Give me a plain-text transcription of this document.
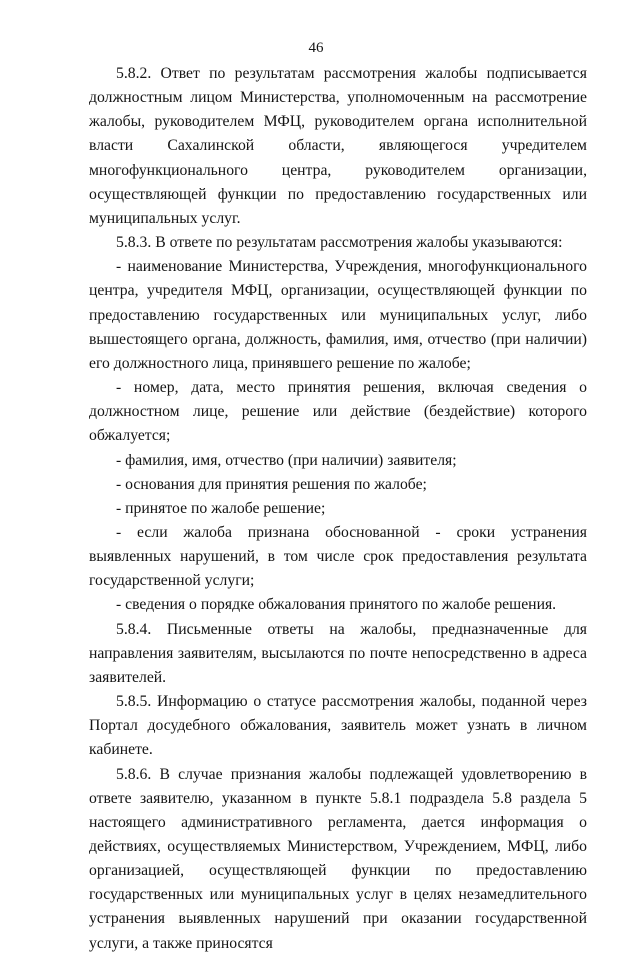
46

5.8.2. Ответ по результатам рассмотрения жалобы подписывается должностным лицом Министерства, уполномоченным на рассмотрение жалобы, руководителем МФЦ, руководителем органа исполнительной власти Сахалинской области, являющегося учредителем многофункционального центра, руководителем организации, осуществляющей функции по предоставлению государственных или муниципальных услуг.

5.8.3. В ответе по результатам рассмотрения жалобы указываются:

- наименование Министерства, Учреждения, многофункционального центра, учредителя МФЦ, организации, осуществляющей функции по предоставлению государственных или муниципальных услуг, либо вышестоящего органа, должность, фамилия, имя, отчество (при наличии) его должностного лица, принявшего решение по жалобе;

- номер, дата, место принятия решения, включая сведения о должностном лице, решение или действие (бездействие) которого обжалуется;

- фамилия, имя, отчество (при наличии) заявителя;

- основания для принятия решения по жалобе;

- принятое по жалобе решение;

- если жалоба признана обоснованной - сроки устранения выявленных нарушений, в том числе срок предоставления результата государственной услуги;

- сведения о порядке обжалования принятого по жалобе решения.

5.8.4. Письменные ответы на жалобы, предназначенные для направления заявителям, высылаются по почте непосредственно в адреса заявителей.

5.8.5. Информацию о статусе рассмотрения жалобы, поданной через Портал досудебного обжалования, заявитель может узнать в личном кабинете.

5.8.6. В случае признания жалобы подлежащей удовлетворению в ответе заявителю, указанном в пункте 5.8.1 подраздела 5.8 раздела 5 настоящего административного регламента, дается информация о действиях, осуществляемых Министерством, Учреждением, МФЦ, либо организацией, осуществляющей функции по предоставлению государственных или муниципальных услуг в целях незамедлительного устранения выявленных нарушений при оказании государственной услуги, а также приносятся
